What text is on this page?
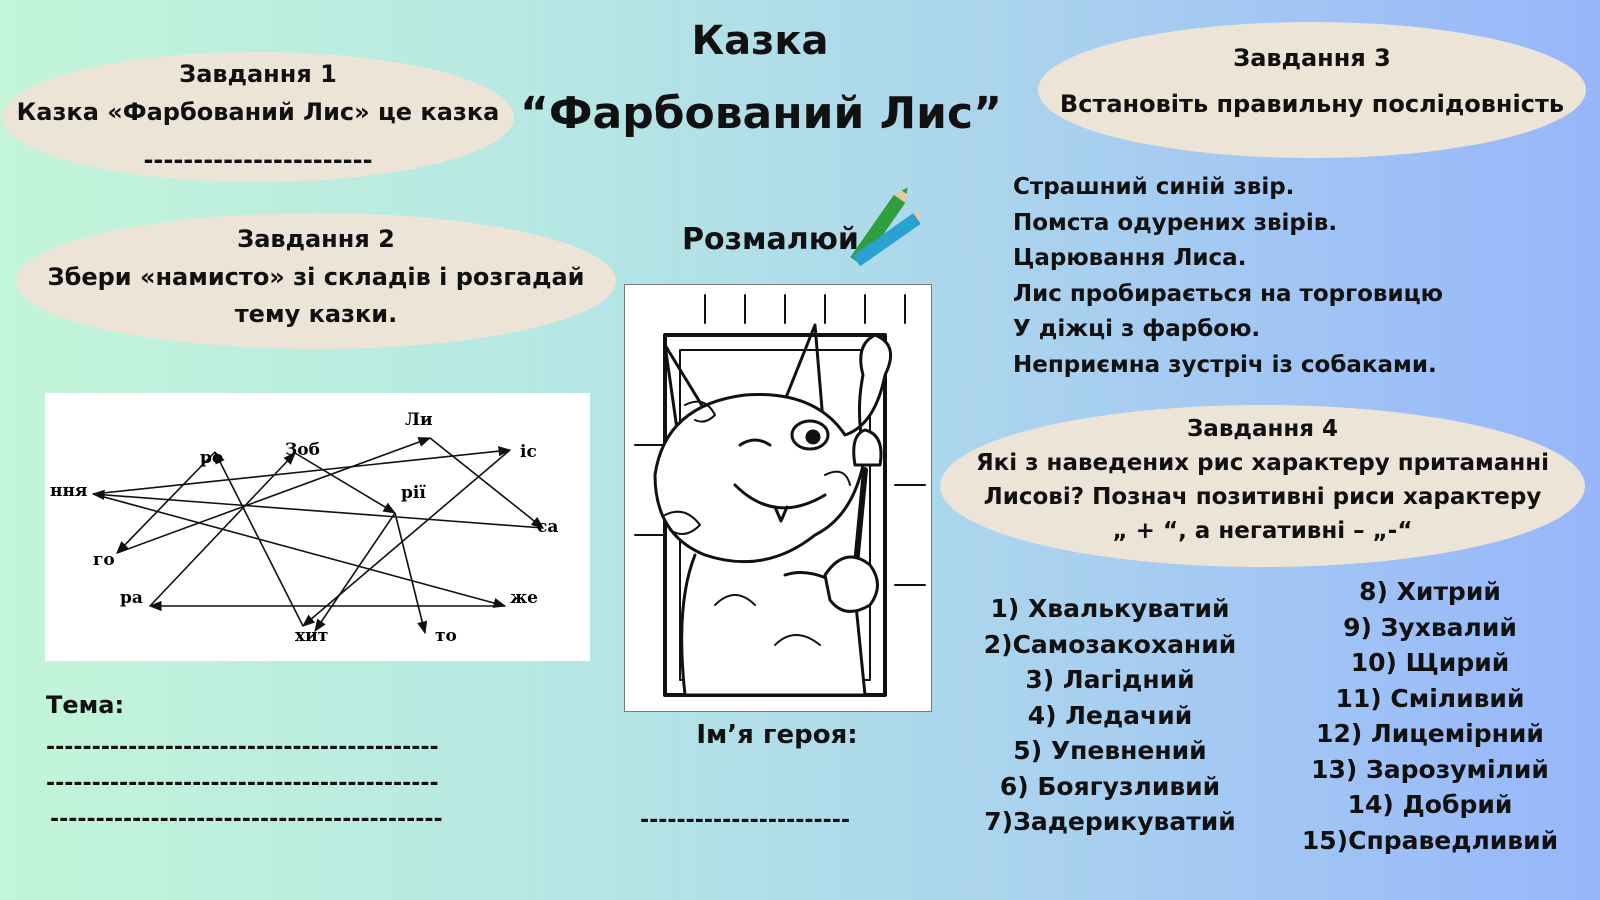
Казка
“Фарбований Лис”
Завдання 1
Казка «Фарбований Лис» це казка
-----------------------
Завдання 2
Збери «намисто» зі складів і розгадай
тему казки.
ро	Зоб
Ли
іс
ння	рії
са
го
ра	же
хит	то
Тема:
-------------------------------------------
-------------------------------------------
-------------------------------------------
Розмалюй
Ім’я героя:
-----------------------
Завдання 3
Встановіть правильну послідовність
Страшний синій звір.
Помста одурених звірів.
Царювання Лиса.
Лис пробирається на торговицю
У діжці з фарбою.
Неприємна зустріч із собаками.
Завдання 4
Які з наведених рис характеру притаманні
Лисові? Познач позитивні риси характеру
„ + “, а негативні – „-“
1) Хвалькуватий
2)Самозакоханий
3) Лагідний
4) Ледачий
5) Упевнений
6) Боягузливий
7)Задерикуватий
8) Хитрий
9) Зухвалий
10) Щирий
11) Сміливий
12) Лицемірний
13) Зарозумілий
14) Добрий
15)Справедливий
